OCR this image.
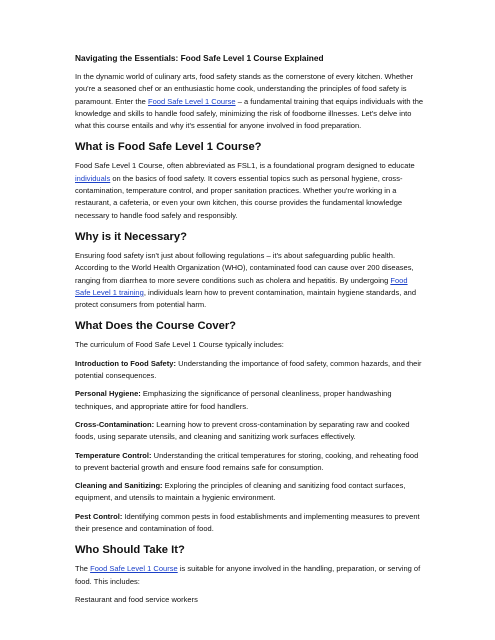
Navigating the Essentials: Food Safe Level 1 Course Explained

In the dynamic world of culinary arts, food safety stands as the cornerstone of every kitchen. Whether you're a seasoned chef or an enthusiastic home cook, understanding the principles of food safety is paramount. Enter the Food Safe Level 1 Course – a fundamental training that equips individuals with the knowledge and skills to handle food safely, minimizing the risk of foodborne illnesses. Let's delve into what this course entails and why it's essential for anyone involved in food preparation.

What is Food Safe Level 1 Course?

Food Safe Level 1 Course, often abbreviated as FSL1, is a foundational program designed to educate individuals on the basics of food safety. It covers essential topics such as personal hygiene, cross-contamination, temperature control, and proper sanitation practices. Whether you're working in a restaurant, a cafeteria, or even your own kitchen, this course provides the fundamental knowledge necessary to handle food safely and responsibly.

Why is it Necessary?

Ensuring food safety isn't just about following regulations – it's about safeguarding public health. According to the World Health Organization (WHO), contaminated food can cause over 200 diseases, ranging from diarrhea to more severe conditions such as cholera and hepatitis. By undergoing Food Safe Level 1 training, individuals learn how to prevent contamination, maintain hygiene standards, and protect consumers from potential harm.

What Does the Course Cover?

The curriculum of Food Safe Level 1 Course typically includes:

Introduction to Food Safety: Understanding the importance of food safety, common hazards, and their potential consequences.

Personal Hygiene: Emphasizing the significance of personal cleanliness, proper handwashing techniques, and appropriate attire for food handlers.

Cross-Contamination: Learning how to prevent cross-contamination by separating raw and cooked foods, using separate utensils, and cleaning and sanitizing work surfaces effectively.

Temperature Control: Understanding the critical temperatures for storing, cooking, and reheating food to prevent bacterial growth and ensure food remains safe for consumption.

Cleaning and Sanitizing: Exploring the principles of cleaning and sanitizing food contact surfaces, equipment, and utensils to maintain a hygienic environment.

Pest Control: Identifying common pests in food establishments and implementing measures to prevent their presence and contamination of food.

Who Should Take It?

The Food Safe Level 1 Course is suitable for anyone involved in the handling, preparation, or serving of food. This includes:

Restaurant and food service workers
